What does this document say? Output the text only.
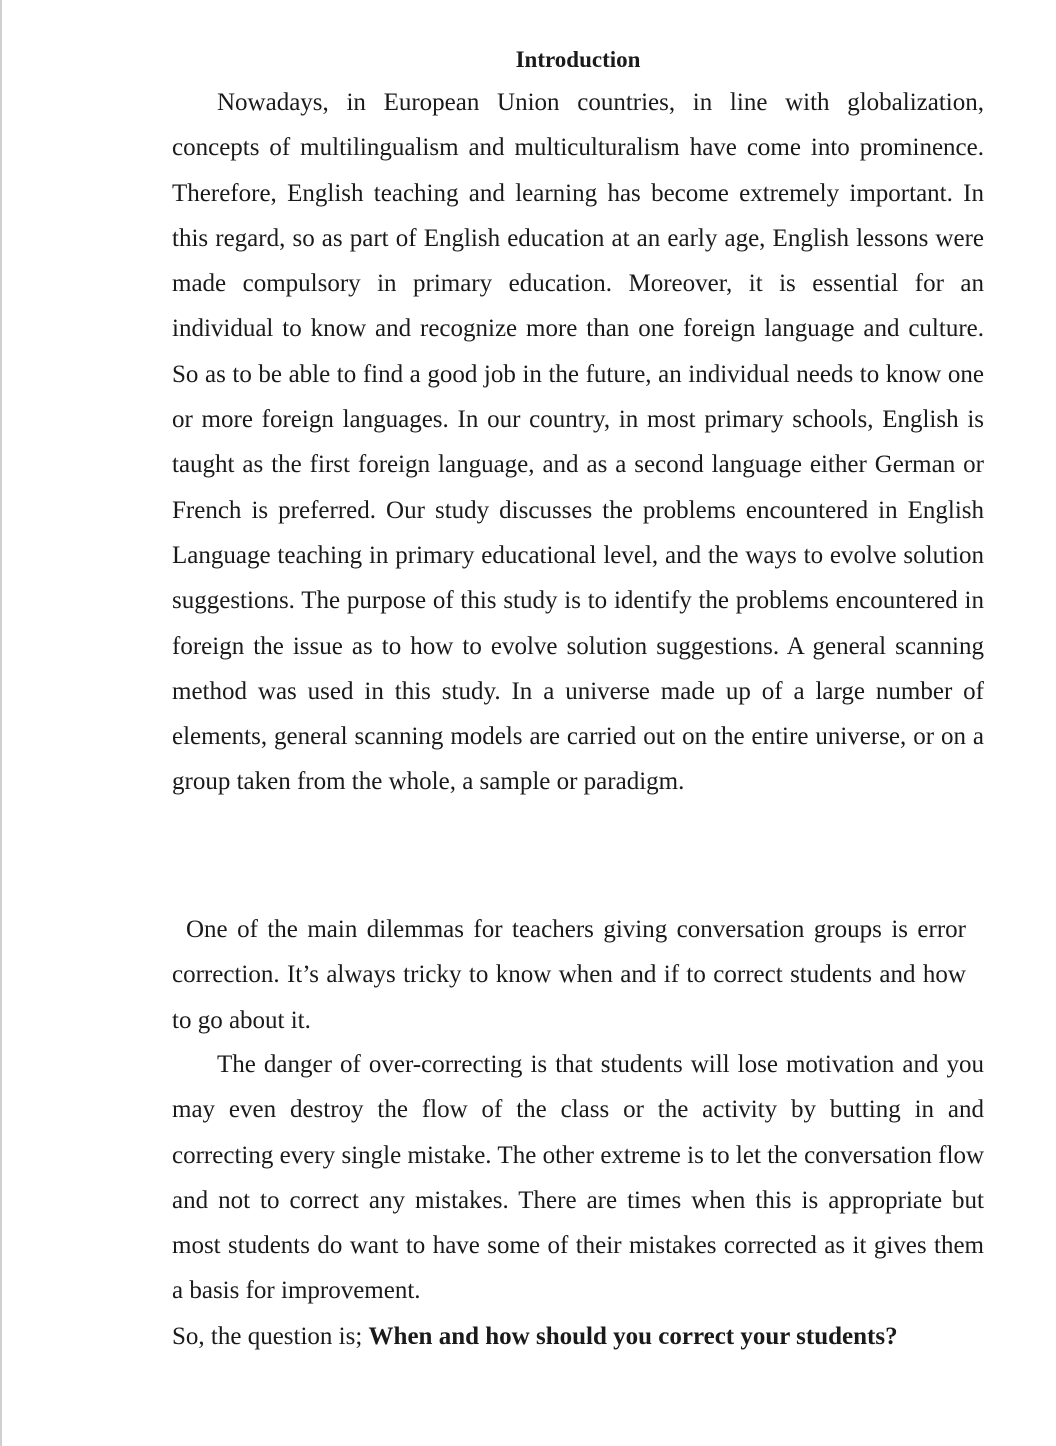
Introduction

Nowadays, in European Union countries, in line with globalization, concepts of multilingualism and multiculturalism have come into prominence. Therefore, English teaching and learning has become extremely important. In this regard, so as part of English education at an early age, English lessons were made compulsory in primary education. Moreover, it is essential for an individual to know and recognize more than one foreign language and culture. So as to be able to find a good job in the future, an individual needs to know one or more foreign languages. In our country, in most primary schools, English is taught as the first foreign language, and as a second language either German or French is preferred. Our study discusses the problems encountered in English Language teaching in primary educational level, and the ways to evolve solution suggestions. The purpose of this study is to identify the problems encountered in foreign the issue as to how to evolve solution suggestions. A general scanning method was used in this study. In a universe made up of a large number of elements, general scanning models are carried out on the entire universe, or on a group taken from the whole, a sample or paradigm.

One of the main dilemmas for teachers giving conversation groups is error correction. It’s always tricky to know when and if to correct students and how to go about it.

The danger of over-correcting is that students will lose motivation and you may even destroy the flow of the class or the activity by butting in and correcting every single mistake. The other extreme is to let the conversation flow and not to correct any mistakes. There are times when this is appropriate but most students do want to have some of their mistakes corrected as it gives them a basis for improvement.

So, the question is; When and how should you correct your students?
